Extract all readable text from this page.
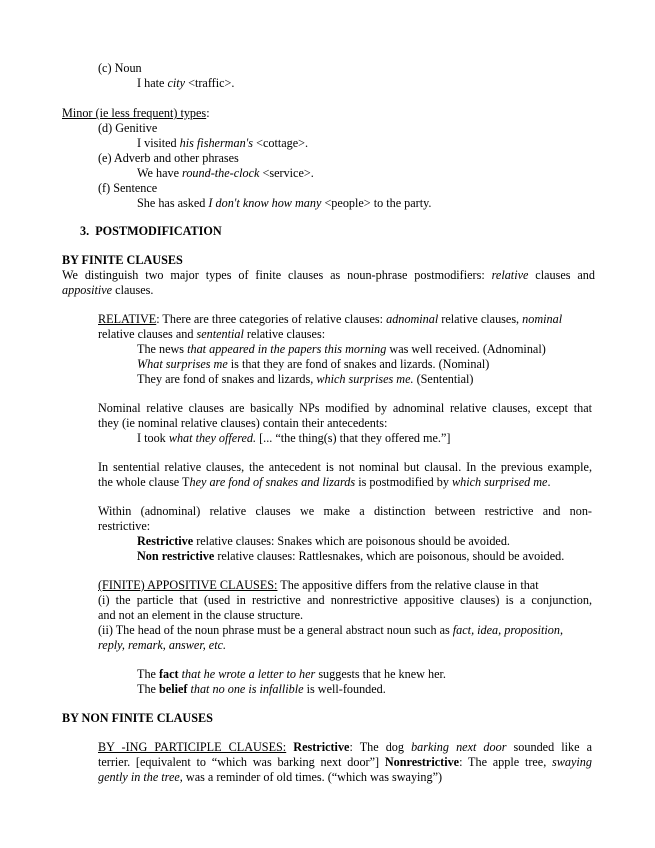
(c) Noun
I hate city <traffic>.
Minor (ie less frequent) types:
(d) Genitive
I visited his fisherman's <cottage>.
(e) Adverb and other phrases
We have round-the-clock <service>.
(f) Sentence
She has asked I don't know how many <people> to the party.
3. POSTMODIFICATION
BY FINITE CLAUSES
We distinguish two major types of finite clauses as noun-phrase postmodifiers: relative clauses and
appositive clauses.
RELATIVE: There are three categories of relative clauses: adnominal relative clauses, nominal
relative clauses and sentential relative clauses:
The news that appeared in the papers this morning was well received. (Adnominal)
What surprises me is that they are fond of snakes and lizards. (Nominal)
They are fond of snakes and lizards, which surprises me. (Sentential)
Nominal relative clauses are basically NPs modified by adnominal relative clauses, except that
they (ie nominal relative clauses) contain their antecedents:
I took what they offered. [... “the thing(s) that they offered me.”]
In sentential relative clauses, the antecedent is not nominal but clausal. In the previous example,
the whole clause They are fond of snakes and lizards is postmodified by which surprised me.
Within (adnominal) relative clauses we make a distinction between restrictive and non-
restrictive:
Restrictive relative clauses: Snakes which are poisonous should be avoided.
Non restrictive relative clauses: Rattlesnakes, which are poisonous, should be avoided.
(FINITE) APPOSITIVE CLAUSES: The appositive differs from the relative clause in that
(i) the particle that (used in restrictive and nonrestrictive appositive clauses) is a conjunction,
and not an element in the clause structure.
(ii) The head of the noun phrase must be a general abstract noun such as fact, idea, proposition,
reply, remark, answer, etc.
The fact that he wrote a letter to her suggests that he knew her.
The belief that no one is infallible is well-founded.
BY NON FINITE CLAUSES
BY -ING PARTICIPLE CLAUSES: Restrictive: The dog barking next door sounded like a
terrier. [equivalent to “which was barking next door”] Nonrestrictive: The apple tree, swaying
gently in the tree, was a reminder of old times. (“which was swaying”)
